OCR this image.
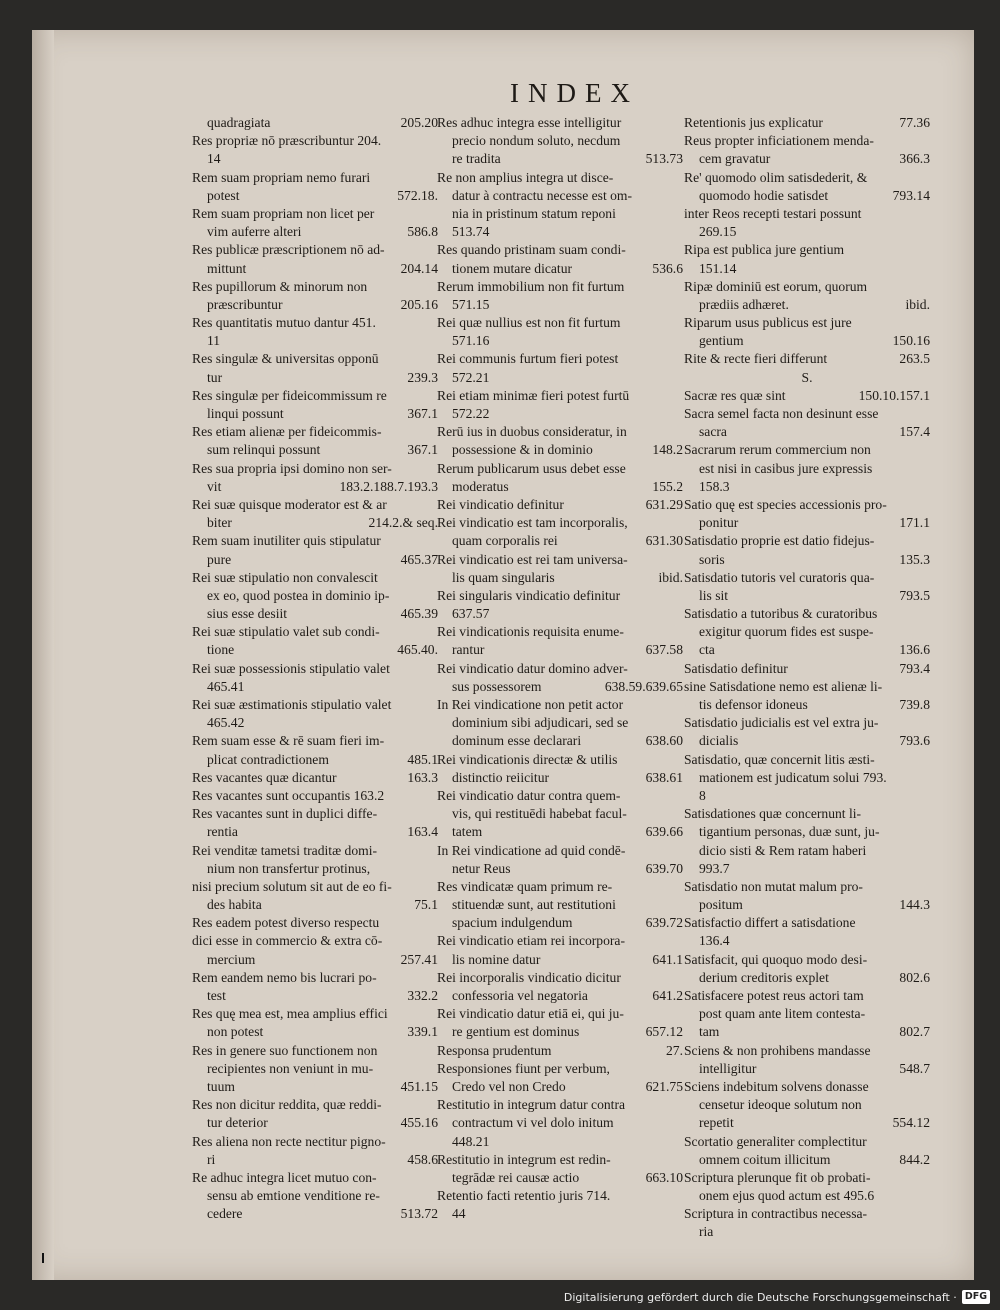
INDEX
205.20
quadragiata
Res propriæ nō præscribuntur 204.
14
Rem suam propriam nemo furari
572.18.
potest
Rem suam propriam non licet per
586.8
vim auferre alteri
Res publicæ præscriptionem nō ad-
204.14
mittunt
Res pupillorum & minorum non
205.16
præscribuntur
Res quantitatis mutuo dantur 451.
11
Res singulæ & universitas opponū
239.3
tur
Res singulæ per fideicommissum re
367.1
linqui possunt
Res etiam alienæ per fideicommis-
367.1
sum relinqui possunt
Res sua propria ipsi domino non ser-
183.2.188.7.193.3
vit
Rei suæ quisque moderator est & ar
214.2.& seq.
biter
Rem suam inutiliter quis stipulatur
465.37
pure
Rei suæ stipulatio non convalescit
ex eo, quod postea in dominio ip-
465.39
sius esse desiit
Rei suæ stipulatio valet sub condi-
465.40.
tione
Rei suæ possessionis stipulatio valet
465.41
Rei suæ æstimationis stipulatio valet
465.42
Rem suam esse & rē suam fieri im-
485.1
plicat contradictionem
163.3
Res vacantes quæ dicantur
Res vacantes sunt occupantis 163.2
Res vacantes sunt in duplici diffe-
163.4
rentia
Rei venditæ tametsi traditæ domi-
nium non transfertur protinus,
nisi precium solutum sit aut de eo fi-
75.1
des habita
Res eadem potest diverso respectu
dici esse in commercio & extra cō-
257.41
mercium
Rem eandem nemo bis lucrari po-
332.2
test
Res quę mea est, mea amplius effici
339.1
non potest
Res in genere suo functionem non
recipientes non veniunt in mu-
451.15
tuum
Res non dicitur reddita, quæ reddi-
455.16
tur deterior
Res aliena non recte nectitur pigno-
458.6
ri
Re adhuc integra licet mutuo con-
sensu ab emtione venditione re-
513.72
cedere
Res adhuc integra esse intelligitur
precio nondum soluto, necdum
513.73
re tradita
Re non amplius integra ut disce-
datur à contractu necesse est om-
nia in pristinum statum reponi
513.74
Res quando pristinam suam condi-
536.6
tionem mutare dicatur
Rerum immobilium non fit furtum
571.15
Rei quæ nullius est non fit furtum
571.16
Rei communis furtum fieri potest
572.21
Rei etiam minimæ fieri potest furtū
572.22
Rerū ius in duobus consideratur, in
148.2
possessione & in dominio
Rerum publicarum usus debet esse
155.2
moderatus
631.29
Rei vindicatio definitur
Rei vindicatio est tam incorporalis,
631.30
quam corporalis rei
Rei vindicatio est rei tam universa-
ibid.
lis quam singularis
Rei singularis vindicatio definitur
637.57
Rei vindicationis requisita enume-
637.58
rantur
Rei vindicatio datur domino adver-
638.59.639.65
sus possessorem
In Rei vindicatione non petit actor
dominium sibi adjudicari, sed se
638.60
dominum esse declarari
Rei vindicationis directæ & utilis
638.61
distinctio reiicitur
Rei vindicatio datur contra quem-
vis, qui restituēdi habebat facul-
639.66
tatem
In Rei vindicatione ad quid condē-
639.70
netur Reus
Res vindicatæ quam primum re-
stituendæ sunt, aut restitutioni
639.72
spacium indulgendum
Rei vindicatio etiam rei incorpora-
641.1
lis nomine datur
Rei incorporalis vindicatio dicitur
641.2
confessoria vel negatoria
Rei vindicatio datur etiā ei, qui ju-
657.12
re gentium est dominus
27.
Responsa prudentum
Responsiones fiunt per verbum,
621.75
Credo vel non Credo
Restitutio in integrum datur contra
contractum vi vel dolo initum
448.21
Restitutio in integrum est redin-
663.10
tegrādæ rei causæ actio
Retentio facti retentio juris 714.
44
77.36
Retentionis jus explicatur
Reus propter inficiationem menda-
366.3
cem gravatur
Re' quomodo olim satisdederit, &
793.14
quomodo hodie satisdet
inter Reos recepti testari possunt
269.15
Ripa est publica jure gentium
151.14
Ripæ dominiū est eorum, quorum
ibid.
prædiis adhæret.
Riparum usus publicus est jure
150.16
gentium
263.5
Rite & recte fieri differunt
S.
150.10.157.1
Sacræ res quæ sint
Sacra semel facta non desinunt esse
157.4
sacra
Sacrarum rerum commercium non
est nisi in casibus jure expressis
158.3
Satio quę est species accessionis pro-
171.1
ponitur
Satisdatio proprie est datio fidejus-
135.3
soris
Satisdatio tutoris vel curatoris qua-
793.5
lis sit
Satisdatio a tutoribus & curatoribus
exigitur quorum fides est suspe-
136.6
cta
793.4
Satisdatio definitur
sine Satisdatione nemo est alienæ li-
739.8
tis defensor idoneus
Satisdatio judicialis est vel extra ju-
793.6
dicialis
Satisdatio, quæ concernit litis æsti-
mationem est judicatum solui 793.
8
Satisdationes quæ concernunt li-
tigantium personas, duæ sunt, ju-
dicio sisti & Rem ratam haberi
993.7
Satisdatio non mutat malum pro-
144.3
positum
Satisfactio differt a satisdatione
136.4
Satisfacit, qui quoquo modo desi-
802.6
derium creditoris explet
Satisfacere potest reus actori tam
post quam ante litem contesta-
802.7
tam
Sciens & non prohibens mandasse
548.7
intelligitur
Sciens indebitum solvens donasse
censetur ideoque solutum non
554.12
repetit
Scortatio generaliter complectitur
844.2
omnem coitum illicitum
Scriptura plerunque fit ob probati-
onem ejus quod actum est 495.6
Scriptura in contractibus necessa-
ria
Digitalisierung gefördert durch die Deutsche Forschungsgemeinschaft · DFG
